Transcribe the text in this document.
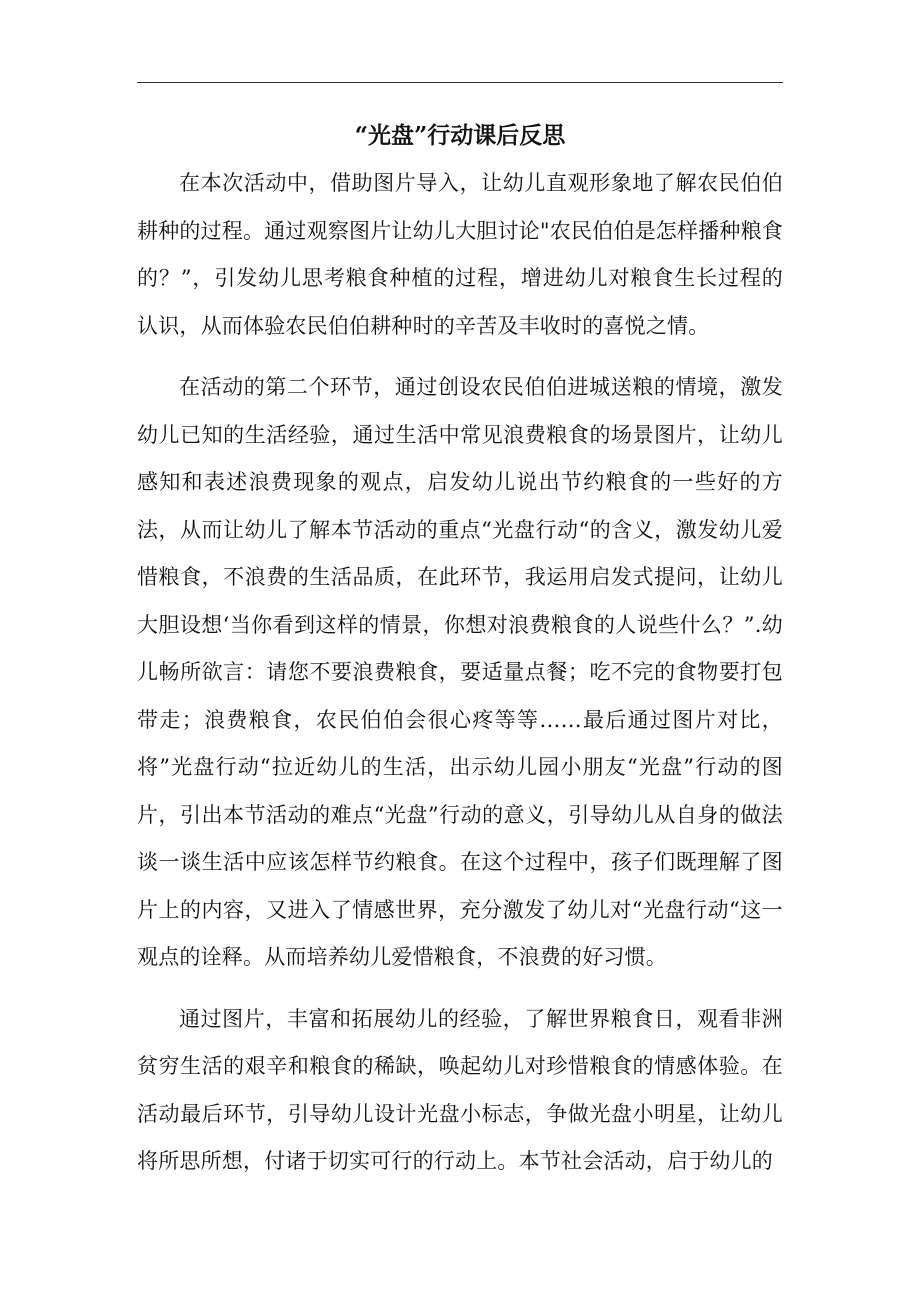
“光盘”行动课后反思

在本次活动中，借助图片导入，让幼儿直观形象地了解农民伯伯耕种的过程。通过观察图片让幼儿大胆讨论"农民伯伯是怎样播种粮食的？”，引发幼儿思考粮食种植的过程，增进幼儿对粮食生长过程的认识，从而体验农民伯伯耕种时的辛苦及丰收时的喜悦之情。

在活动的第二个环节，通过创设农民伯伯进城送粮的情境，激发幼儿已知的生活经验，通过生活中常见浪费粮食的场景图片，让幼儿感知和表述浪费现象的观点，启发幼儿说出节约粮食的一些好的方法，从而让幼儿了解本节活动的重点“光盘行动“的含义，激发幼儿爱惜粮食，不浪费的生活品质，在此环节，我运用启发式提问，让幼儿大胆设想‘当你看到这样的情景，你想对浪费粮食的人说些什么？”.幼儿畅所欲言：请您不要浪费粮食，要适量点餐；吃不完的食物要打包带走；浪费粮食，农民伯伯会很心疼等等……最后通过图片对比，将”光盘行动“拉近幼儿的生活，出示幼儿园小朋友“光盘”行动的图片，引出本节活动的难点“光盘”行动的意义，引导幼儿从自身的做法谈一谈生活中应该怎样节约粮食。在这个过程中，孩子们既理解了图片上的内容，又进入了情感世界，充分激发了幼儿对“光盘行动“这一观点的诠释。从而培养幼儿爱惜粮食，不浪费的好习惯。

通过图片，丰富和拓展幼儿的经验，了解世界粮食日，观看非洲贫穷生活的艰辛和粮食的稀缺，唤起幼儿对珍惜粮食的情感体验。在活动最后环节，引导幼儿设计光盘小标志，争做光盘小明星，让幼儿将所思所想，付诸于切实可行的行动上。本节社会活动，启于幼儿的
